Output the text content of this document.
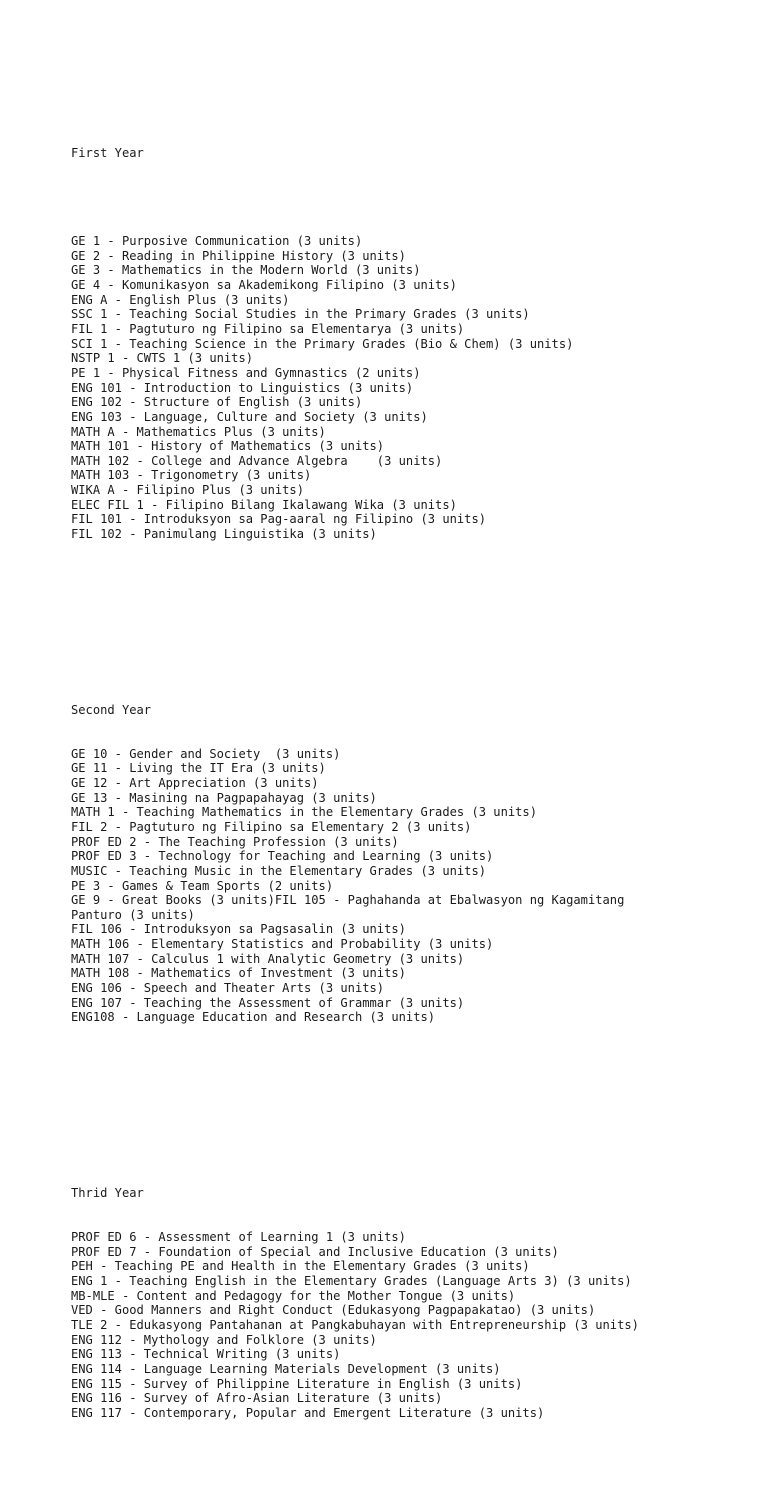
First Year

GE 1 - Purposive Communication (3 units)
GE 2 - Reading in Philippine History (3 units)
GE 3 - Mathematics in the Modern World (3 units)
GE 4 - Komunikasyon sa Akademikong Filipino (3 units)
ENG A - English Plus (3 units)
SSC 1 - Teaching Social Studies in the Primary Grades (3 units)
FIL 1 - Pagtuturo ng Filipino sa Elementarya (3 units)
SCI 1 - Teaching Science in the Primary Grades (Bio & Chem) (3 units)
NSTP 1 - CWTS 1 (3 units)
PE 1 - Physical Fitness and Gymnastics (2 units)
ENG 101 - Introduction to Linguistics (3 units)
ENG 102 - Structure of English (3 units)
ENG 103 - Language, Culture and Society (3 units)
MATH A - Mathematics Plus (3 units)
MATH 101 - History of Mathematics (3 units)
MATH 102 - College and Advance Algebra    (3 units)
MATH 103 - Trigonometry (3 units)
WIKA A - Filipino Plus (3 units)
ELEC FIL 1 - Filipino Bilang Ikalawang Wika (3 units)
FIL 101 - Introduksyon sa Pag-aaral ng Filipino (3 units)
FIL 102 - Panimulang Linguistika (3 units)

Second Year

GE 10 - Gender and Society  (3 units)
GE 11 - Living the IT Era (3 units)
GE 12 - Art Appreciation (3 units)
GE 13 - Masining na Pagpapahayag (3 units)
MATH 1 - Teaching Mathematics in the Elementary Grades (3 units)
FIL 2 - Pagtuturo ng Filipino sa Elementary 2 (3 units)
PROF ED 2 - The Teaching Profession (3 units)
PROF ED 3 - Technology for Teaching and Learning (3 units)
MUSIC - Teaching Music in the Elementary Grades (3 units)
PE 3 - Games & Team Sports (2 units)
GE 9 - Great Books (3 units)FIL 105 - Paghahanda at Ebalwasyon ng Kagamitang
Panturo (3 units)
FIL 106 - Introduksyon sa Pagsasalin (3 units)
MATH 106 - Elementary Statistics and Probability (3 units)
MATH 107 - Calculus 1 with Analytic Geometry (3 units)
MATH 108 - Mathematics of Investment (3 units)
ENG 106 - Speech and Theater Arts (3 units)
ENG 107 - Teaching the Assessment of Grammar (3 units)
ENG108 - Language Education and Research (3 units)

Thrid Year

PROF ED 6 - Assessment of Learning 1 (3 units)
PROF ED 7 - Foundation of Special and Inclusive Education (3 units)
PEH - Teaching PE and Health in the Elementary Grades (3 units)
ENG 1 - Teaching English in the Elementary Grades (Language Arts 3) (3 units)
MB-MLE - Content and Pedagogy for the Mother Tongue (3 units)
VED - Good Manners and Right Conduct (Edukasyong Pagpapakatao) (3 units)
TLE 2 - Edukasyong Pantahanan at Pangkabuhayan with Entrepreneurship (3 units)
ENG 112 - Mythology and Folklore (3 units)
ENG 113 - Technical Writing (3 units)
ENG 114 - Language Learning Materials Development (3 units)
ENG 115 - Survey of Philippine Literature in English (3 units)
ENG 116 - Survey of Afro-Asian Literature (3 units)
ENG 117 - Contemporary, Popular and Emergent Literature (3 units)
